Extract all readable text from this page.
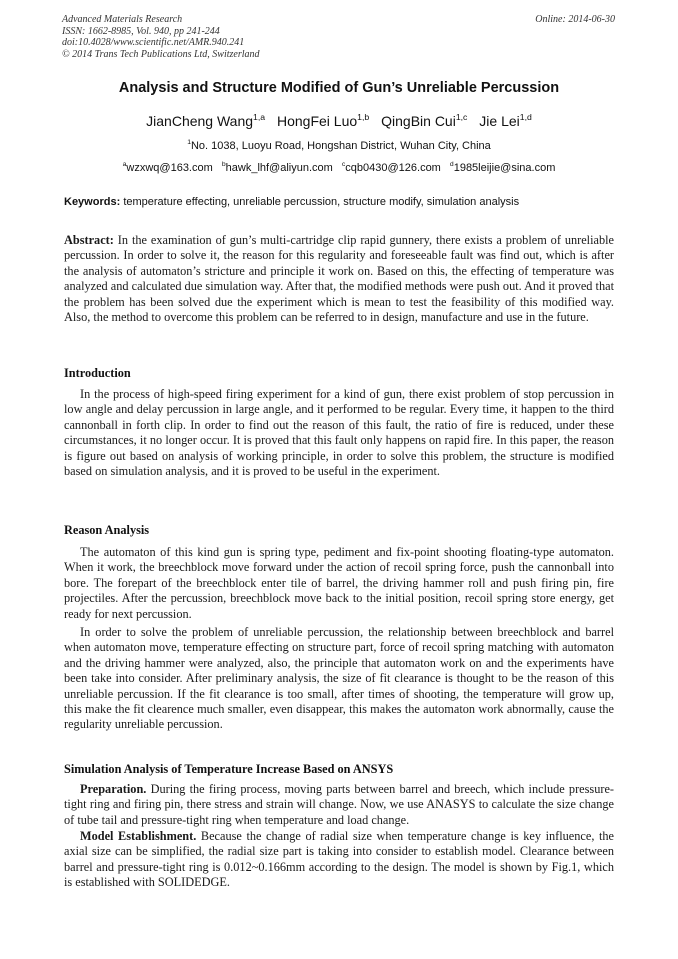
Advanced Materials Research
ISSN: 1662-8985, Vol. 940, pp 241-244
doi:10.4028/www.scientific.net/AMR.940.241
© 2014 Trans Tech Publications Ltd, Switzerland
Online: 2014-06-30
Analysis and Structure Modified of Gun’s Unreliable Percussion
JianCheng Wang$^{1,a}$ HongFei Luo$^{1,b}$ QingBin Cui$^{1,c}$ Jie Lei$^{1,d}$
$^1$No. 1038, Luoyu Road, Hongshan District, Wuhan City, China
$^a$wzxwq@163.com $^b$hawk_lhf@aliyun.com $^c$cqb0430@126.com $^d$1985leijie@sina.com
Keywords: temperature effecting, unreliable percussion, structure modify, simulation analysis
Abstract: In the examination of gun’s multi-cartridge clip rapid gunnery, there exists a problem of unreliable percussion. In order to solve it, the reason for this regularity and foreseeable fault was find out, which is after the analysis of automaton’s stricture and principle it work on. Based on this, the effecting of temperature was analyzed and calculated due simulation way. After that, the modified methods were push out. And it proved that the problem has been solved due the experiment which is mean to test the feasibility of this modified way. Also, the method to overcome this problem can be referred to in design, manufacture and use in the future.
Introduction
In the process of high-speed firing experiment for a kind of gun, there exist problem of stop percussion in low angle and delay percussion in large angle, and it performed to be regular. Every time, it happen to the third cannonball in forth clip. In order to find out the reason of this fault, the ratio of fire is reduced, under these circumstances, it no longer occur. It is proved that this fault only happens on rapid fire. In this paper, the reason is figure out based on analysis of working principle, in order to solve this problem, the structure is modified based on simulation analysis, and it is proved to be useful in the experiment.
Reason Analysis
The automaton of this kind gun is spring type, pediment and fix-point shooting floating-type automaton. When it work, the breechblock move forward under the action of recoil spring force, push the cannonball into bore. The forepart of the breechblock enter tile of barrel, the driving hammer roll and push firing pin, fire projectiles. After the percussion, breechblock move back to the initial position, recoil spring store energy, get ready for next percussion.
In order to solve the problem of unreliable percussion, the relationship between breechblock and barrel when automaton move, temperature effecting on structure part, force of recoil spring matching with automaton and the driving hammer were analyzed, also, the principle that automaton work on and the experiments have been take into consider. After preliminary analysis, the size of fit clearance is thought to be the reason of this unreliable percussion. If the fit clearance is too small, after times of shooting, the temperature will grow up, this make the fit clearence much smaller, even disappear, this makes the automaton work abnormally, cause the regularity unreliable percussion.
Simulation Analysis of Temperature Increase Based on ANSYS
Preparation. During the firing process, moving parts between barrel and breech, which include pressure-tight ring and firing pin, there stress and strain will change. Now, we use ANASYS to calculate the size change of tube tail and pressure-tight ring when temperature and load change.
Model Establishment. Because the change of radial size when temperature change is key influence, the axial size can be simplified, the radial size part is taking into consider to establish model. Clearance between barrel and pressure-tight ring is 0.012~0.166mm according to the design. The model is shown by Fig.1, which is established with SOLIDEDGE.
